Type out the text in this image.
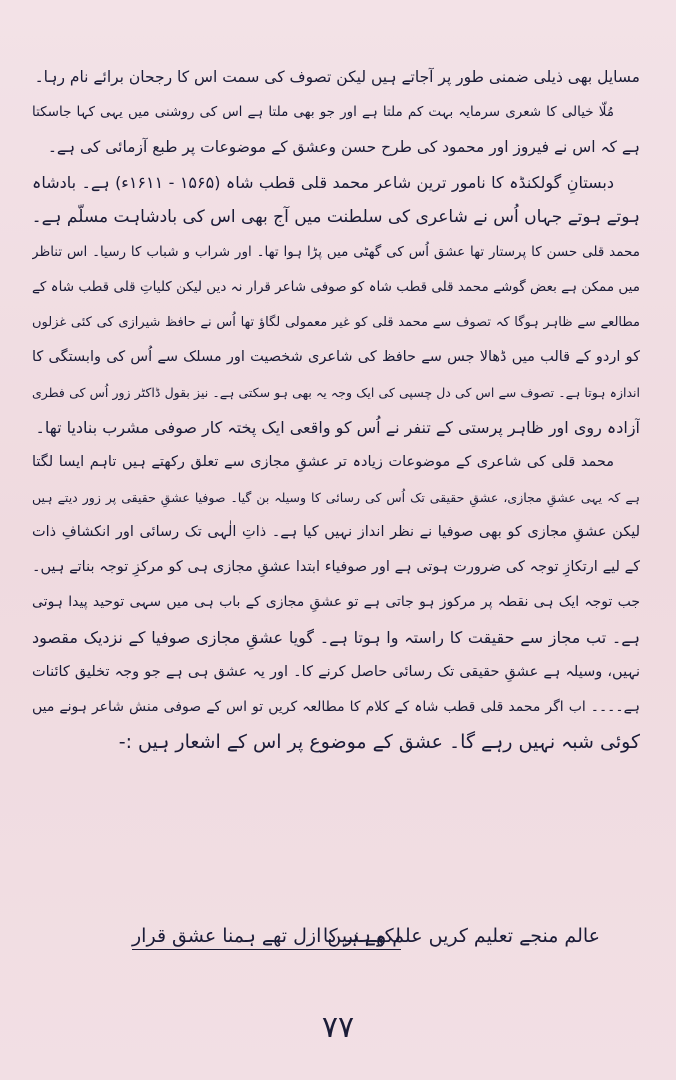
مسایل بھی ذیلی ضمنی طور پر آجاتے ہیں لیکن تصوف کی سمت اس کا رجحان برائے نام رہا۔
مُلّا خیالی کا شعری سرمایہ بہت کم ملتا ہے اور جو بھی ملتا ہے اس کی روشنی میں یہی کہا جاسکتا
ہے کہ اس نے فیروز اور محمود کی طرح حسن وعشق کے موضوعات پر طبع آزمائی کی ہے۔
دبستانِ گولکنڈہ کا نامور ترین شاعر محمد قلی قطب شاہ (۱۵۶۵ - ۱۶۱۱ء) ہے۔ بادشاہ
ہوتے ہوتے جہاں اُس نے شاعری کی سلطنت میں آج بھی اس کی بادشاہت مسلّم ہے۔
محمد قلی حسن کا پرستار تھا عشق اُس کی گھٹی میں پڑا ہوا تھا۔ اور شراب و شباب کا رسیا۔ اس تناظر
میں ممکن ہے بعض گوشے محمد قلی قطب شاہ کو صوفی شاعر قرار نہ دیں لیکن کلیاتِ قلی قطب شاہ کے
مطالعے سے ظاہر ہوگا کہ تصوف سے محمد قلی کو غیر معمولی لگاؤ تھا اُس نے حافظ شیرازی کی کئی غزلوں
کو اردو کے قالب میں ڈھالا جس سے حافظ کی شاعری شخصیت اور مسلک سے اُس کی وابستگی کا
اندازہ ہوتا ہے۔ تصوف سے اس کی دل چسپی کی ایک وجہ یہ بھی ہو سکتی ہے۔ نیز بقول ڈاکٹر زور اُس کی فطری
آزادہ روی اور ظاہر پرستی کے تنفر نے اُس کو واقعی ایک پختہ کار صوفی مشرب بنادیا تھا۔
محمد قلی کی شاعری کے موضوعات زیادہ تر عشقِ مجازی سے تعلق رکھتے ہیں تاہم ایسا لگتا
ہے کہ یہی عشقِ مجازی، عشقِ حقیقی تک اُس کی رسائی کا وسیلہ بن گیا۔ صوفیا عشقِ حقیقی پر زور دیتے ہیں
لیکن عشقِ مجازی کو بھی صوفیا نے نظر انداز نہیں کیا ہے۔ ذاتِ الٰہی تک رسائی اور انکشافِ ذات
کے لیے ارتکازِ توجہ کی ضرورت ہوتی ہے اور صوفیاء ابتدا عشقِ مجازی ہی کو مرکزِ توجہ بناتے ہیں۔
جب توجہ ایک ہی نقطہ پر مرکوز ہو جاتی ہے تو عشقِ مجازی کے باب ہی میں سہی توحید پیدا ہوتی
ہے۔ تب مجاز سے حقیقت کا راستہ وا ہوتا ہے۔ گویا عشقِ مجازی صوفیا کے نزدیک مقصود
نہیں، وسیلہ ہے عشقِ حقیقی تک رسائی حاصل کرنے کا۔ اور یہ عشق ہی ہے جو وجہ تخلیق کائنات
ہے۔۔۔۔ اب اگر محمد قلی قطب شاہ کے کلام کا مطالعہ کریں تو اس کے صوفی منش شاعر ہونے میں
کوئی شبہ نہیں رہے گا۔ عشق کے موضوع پر اس کے اشعار ہیں :-
عالم منجے تعلیم کریں علم و ہنر کا
لکھے ہیں ازل تھے ہمنا عشق قرار
۷۷
